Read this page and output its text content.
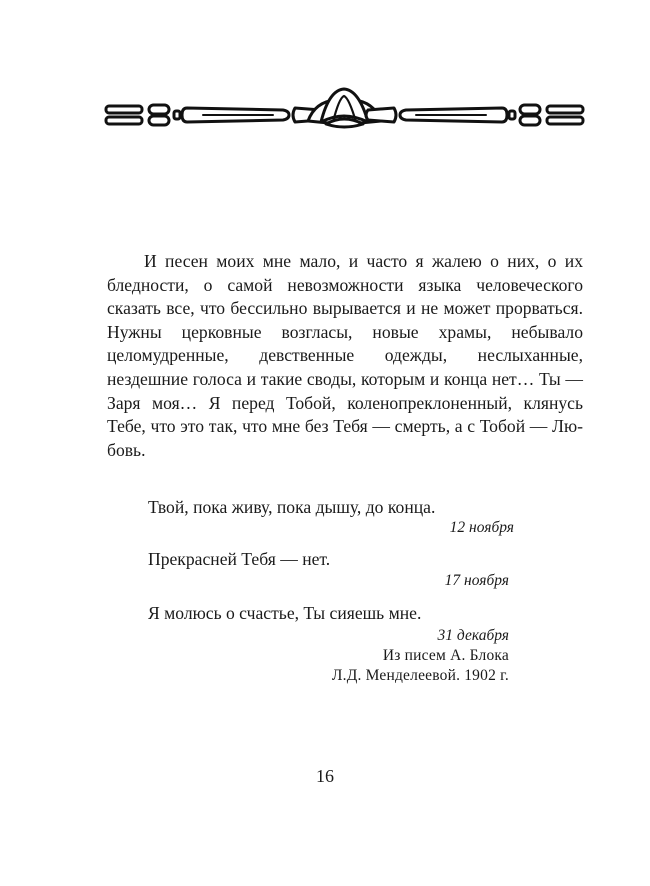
И песен моих мне мало, и часто я жалею о них, о их бледности, о самой невозможности языка человеческого сказать все, что бессильно вырывается и не может прорваться. Нужны церковные возгласы, новые храмы, небывало целомудренные, девственные одежды, неслыханные, нездешние голоса и такие своды, которым и конца нет… Ты — Заря моя… Я перед Тобой, коленопреклоненный, клянусь Тебе, что это так, что мне без Тебя — смерть, а с Тобой — Любовь.

Твой, пока живу, пока дышу, до конца.

12 ноября

Прекрасней Тебя — нет.

17 ноября

Я молюсь о счастье, Ты сияешь мне.

31 декабря

Из писем А. Блока

Л.Д. Менделеевой. 1902 г.

16
